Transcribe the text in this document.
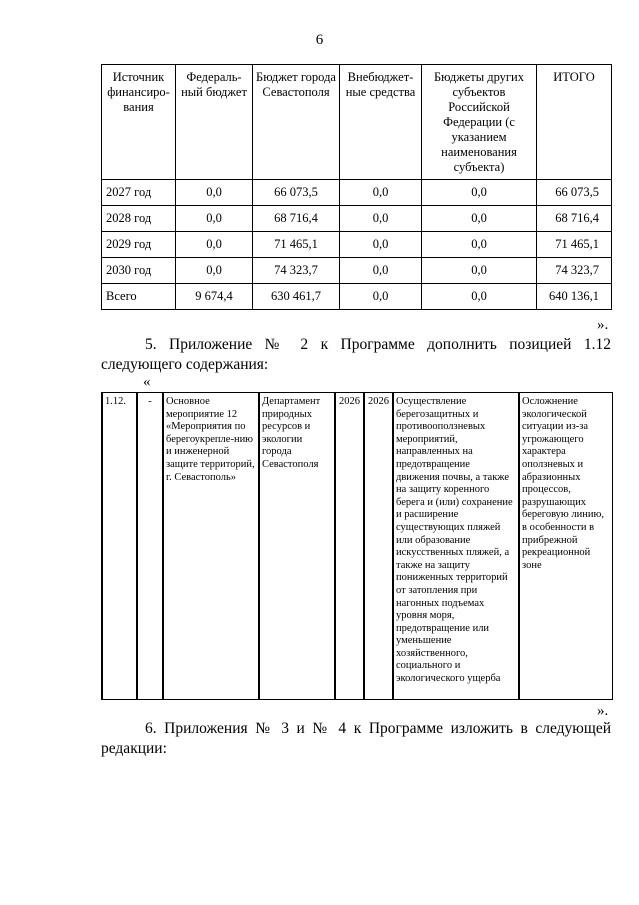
6
Источник финансиро-вания	Федераль-ный бюджет	Бюджет города Севастополя	Внебюджет-ные средства	Бюджеты других субъектов Российской Федерации (с указанием наименования субъекта)	ИТОГО
2027 год	0,0	66 073,5	0,0	0,0	66 073,5
2028 год	0,0	68 716,4	0,0	0,0	68 716,4
2029 год	0,0	71 465,1	0,0	0,0	71 465,1
2030 год	0,0	74 323,7	0,0	0,0	74 323,7
Всего	9 674,4	630 461,7	0,0	0,0	640 136,1
».
5. Приложение № 2 к Программе дополнить позицией 1.12 следующего содержания:
«
1.12.	-	Основное мероприятие 12 «Мероприятия по берегоукрепле-нию и инженерной защите территорий, г. Севастополь»	Департамент природных ресурсов и экологии города Севастополя	2026	2026	Осуществление берегозащитных и противооползневых мероприятий, направленных на предотвращение движения почвы, а также на защиту коренного берега и (или) сохранение и расширение существующих пляжей или образование искусственных пляжей, а также на защиту пониженных территорий от затопления при нагонных подъемах уровня моря, предотвращение или уменьшение хозяйственного, социального и экологического ущерба	Осложнение экологической ситуации из-за угрожающего характера оползневых и абразионных процессов, разрушающих береговую линию, в особенности в прибрежной рекреационной зоне
».
6. Приложения № 3 и № 4 к Программе изложить в следующей редакции:
